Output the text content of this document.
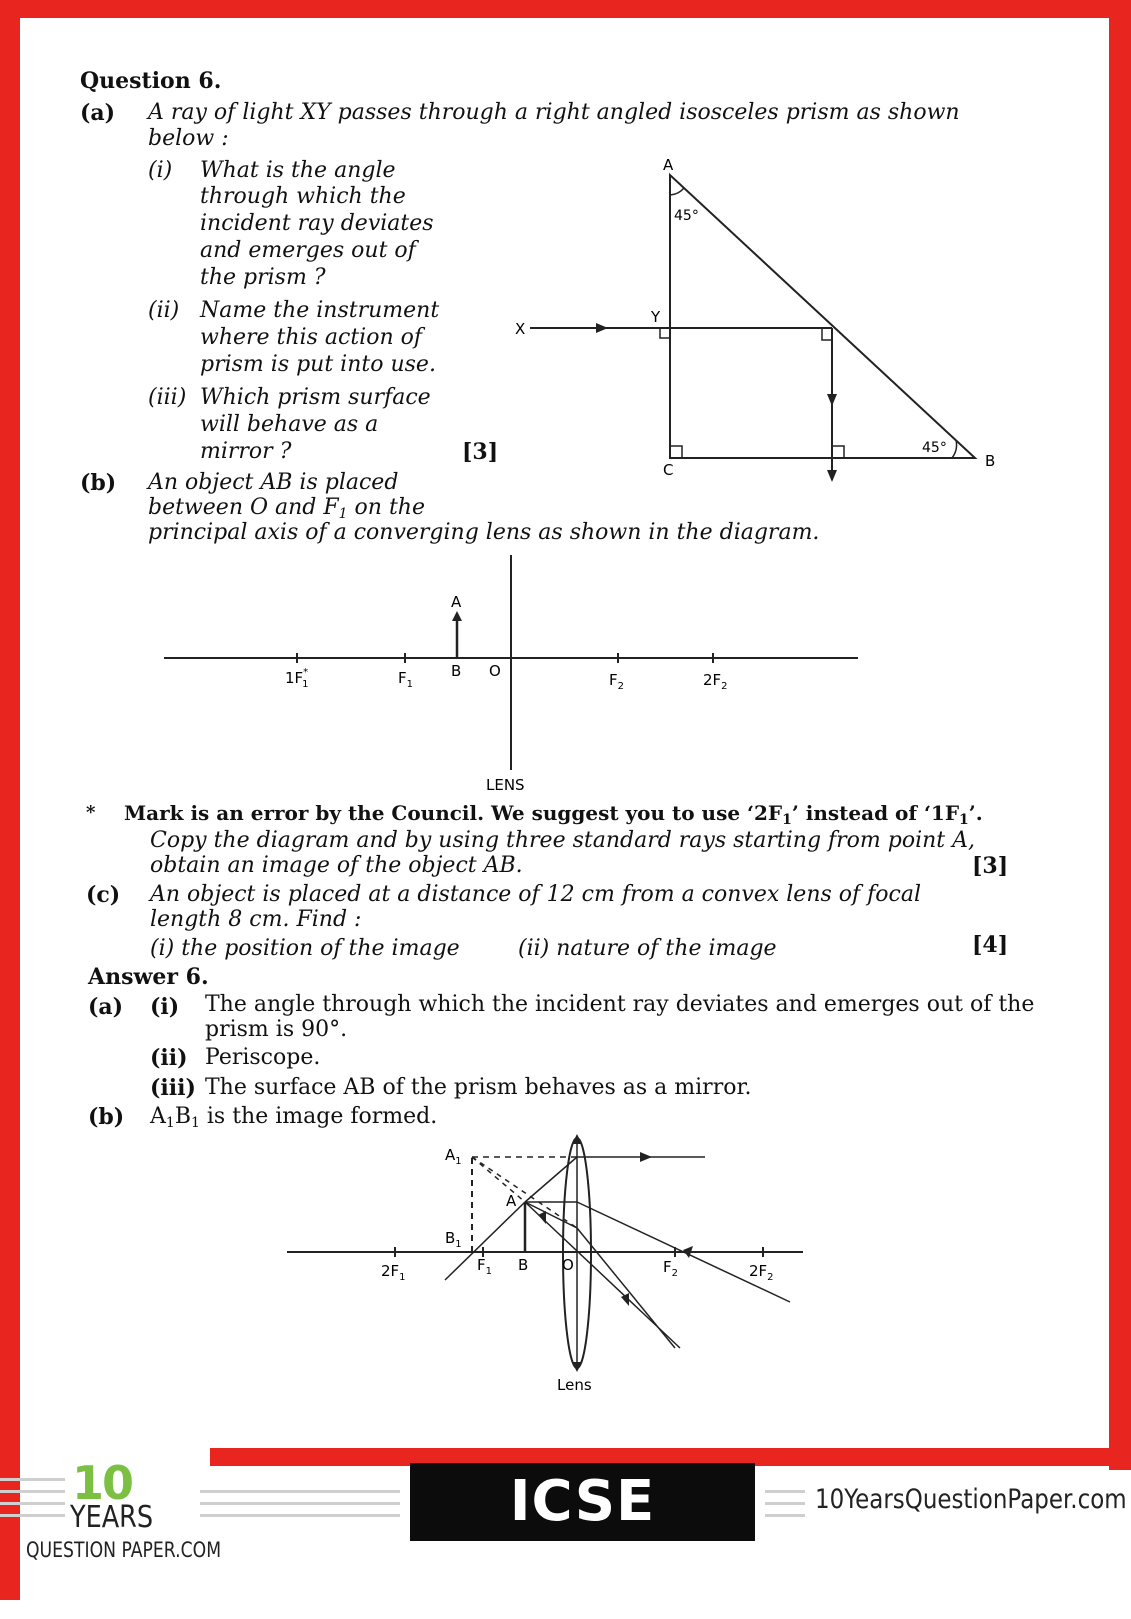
Question 6.
(a) A ray of light XY passes through a right angled isosceles prism as shown
below :
(i) What is the angle
through which the
incident ray deviates
and emerges out of
the prism ?
(ii) Name the instrument
where this action of
prism is put into use.
(iii) Which prism surface
will behave as a
mirror ?	[3]
(b) An object AB is placed
between O and $F_1$ on the
principal axis of a converging lens as shown in the diagram.
A
B
C
X
Y
45°
45°
A
1F* 1	$F_1$
B O	$F_2$	$2F_2$
LENS
* Mark is an error by the Council. We suggest you to use ‘$2F_1$’ instead of ‘$1F_1$’.
Copy the diagram and by using three standard rays starting from point A,
obtain an image of the object AB.	[3]
(c) An object is placed at a distance of 12 cm from a convex lens of focal
length 8 cm. Find :
(i) the position of the image	(ii) nature of the image	[4]
Answer 6.
(a) (i) The angle through which the incident ray deviates and emerges out of the
prism is 90°.
(ii) Periscope.
(iii) The surface AB of the prism behaves as a mirror.
(b) $A_1B_1$ is the image formed.
$A_1$
$B_1$
A
B O
$2F_1$
$F_1$	$F_2$	$2F_2$
Lens
10
YEARS
QUESTION PAPER.COM
ICSE BOARD X
10YearsQuestionPaper.com
